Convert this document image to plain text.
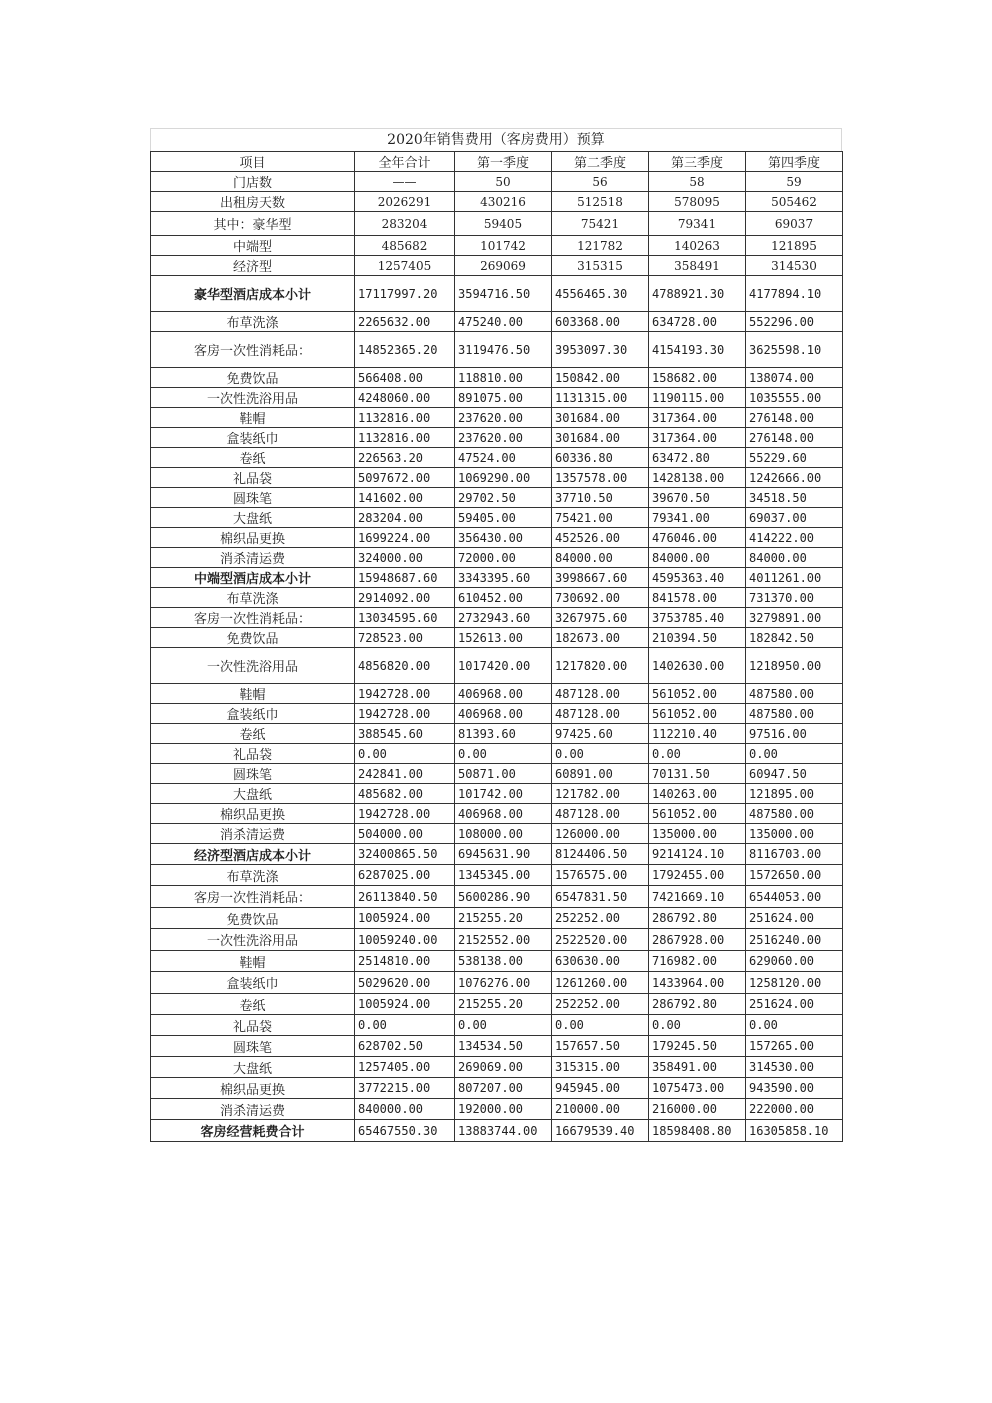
2020年销售费用（客房费用）预算
项目	全年合计	第一季度	第二季度	第三季度	第四季度
门店数	——	50	56	58	59
出租房天数	2026291	430216	512518	578095	505462
其中：豪华型	283204	59405	75421	79341	69037
中端型	485682	101742	121782	140263	121895
经济型	1257405	269069	315315	358491	314530
豪华型酒店成本小计	17117997.20	3594716.50	4556465.30	4788921.30	4177894.10
布草洗涤	2265632.00	475240.00	603368.00	634728.00	552296.00
客房一次性消耗品：	14852365.20	3119476.50	3953097.30	4154193.30	3625598.10
免费饮品	566408.00	118810.00	150842.00	158682.00	138074.00
一次性洗浴用品	4248060.00	891075.00	1131315.00	1190115.00	1035555.00
鞋帽	1132816.00	237620.00	301684.00	317364.00	276148.00
盒装纸巾	1132816.00	237620.00	301684.00	317364.00	276148.00
卷纸	226563.20	47524.00	60336.80	63472.80	55229.60
礼品袋	5097672.00	1069290.00	1357578.00	1428138.00	1242666.00
圆珠笔	141602.00	29702.50	37710.50	39670.50	34518.50
大盘纸	283204.00	59405.00	75421.00	79341.00	69037.00
棉织品更换	1699224.00	356430.00	452526.00	476046.00	414222.00
消杀清运费	324000.00	72000.00	84000.00	84000.00	84000.00
中端型酒店成本小计	15948687.60	3343395.60	3998667.60	4595363.40	4011261.00
布草洗涤	2914092.00	610452.00	730692.00	841578.00	731370.00
客房一次性消耗品：	13034595.60	2732943.60	3267975.60	3753785.40	3279891.00
免费饮品	728523.00	152613.00	182673.00	210394.50	182842.50
一次性洗浴用品	4856820.00	1017420.00	1217820.00	1402630.00	1218950.00
鞋帽	1942728.00	406968.00	487128.00	561052.00	487580.00
盒装纸巾	1942728.00	406968.00	487128.00	561052.00	487580.00
卷纸	388545.60	81393.60	97425.60	112210.40	97516.00
礼品袋	0.00	0.00	0.00	0.00	0.00
圆珠笔	242841.00	50871.00	60891.00	70131.50	60947.50
大盘纸	485682.00	101742.00	121782.00	140263.00	121895.00
棉织品更换	1942728.00	406968.00	487128.00	561052.00	487580.00
消杀清运费	504000.00	108000.00	126000.00	135000.00	135000.00
经济型酒店成本小计	32400865.50	6945631.90	8124406.50	9214124.10	8116703.00
布草洗涤	6287025.00	1345345.00	1576575.00	1792455.00	1572650.00
客房一次性消耗品：	26113840.50	5600286.90	6547831.50	7421669.10	6544053.00
免费饮品	1005924.00	215255.20	252252.00	286792.80	251624.00
一次性洗浴用品	10059240.00	2152552.00	2522520.00	2867928.00	2516240.00
鞋帽	2514810.00	538138.00	630630.00	716982.00	629060.00
盒装纸巾	5029620.00	1076276.00	1261260.00	1433964.00	1258120.00
卷纸	1005924.00	215255.20	252252.00	286792.80	251624.00
礼品袋	0.00	0.00	0.00	0.00	0.00
圆珠笔	628702.50	134534.50	157657.50	179245.50	157265.00
大盘纸	1257405.00	269069.00	315315.00	358491.00	314530.00
棉织品更换	3772215.00	807207.00	945945.00	1075473.00	943590.00
消杀清运费	840000.00	192000.00	210000.00	216000.00	222000.00
客房经营耗费合计	65467550.30	13883744.00	16679539.40	18598408.80	16305858.10
